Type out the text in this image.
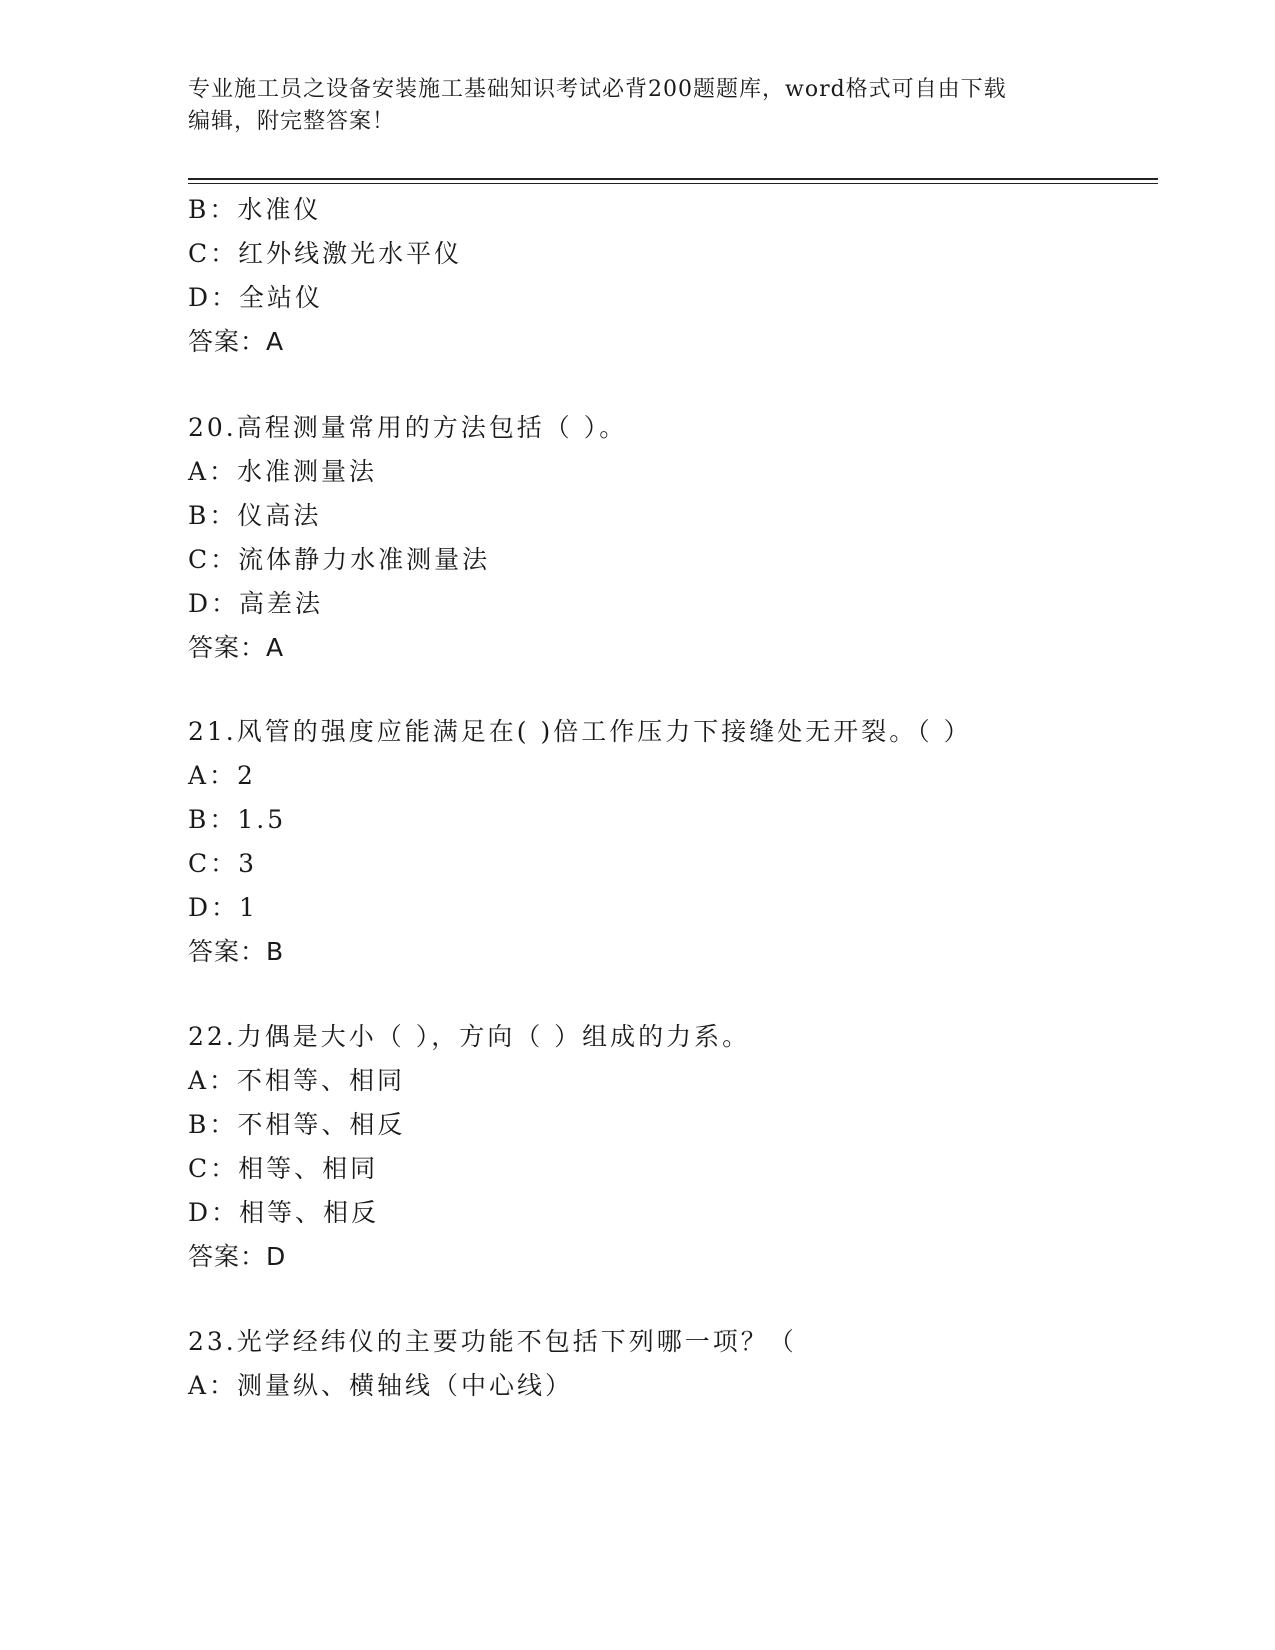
专业施工员之设备安装施工基础知识考试必背200题题库，word格式可自由下载
编辑，附完整答案！
B：水准仪
C：红外线激光水平仪
D：全站仪
答案：A
20.高程测量常用的方法包括（ ）。
A：水准测量法
B：仪高法
C：流体静力水准测量法
D：高差法
答案：A
21.风管的强度应能满足在( )倍工作压力下接缝处无开裂。（ ）
A：2
B：1.5
C：3
D：1
答案：B
22.力偶是大小（ ），方向（ ）组成的力系。
A：不相等、相同
B：不相等、相反
C：相等、相同
D：相等、相反
答案：D
23.光学经纬仪的主要功能不包括下列哪一项？（
A：测量纵、横轴线（中心线）
